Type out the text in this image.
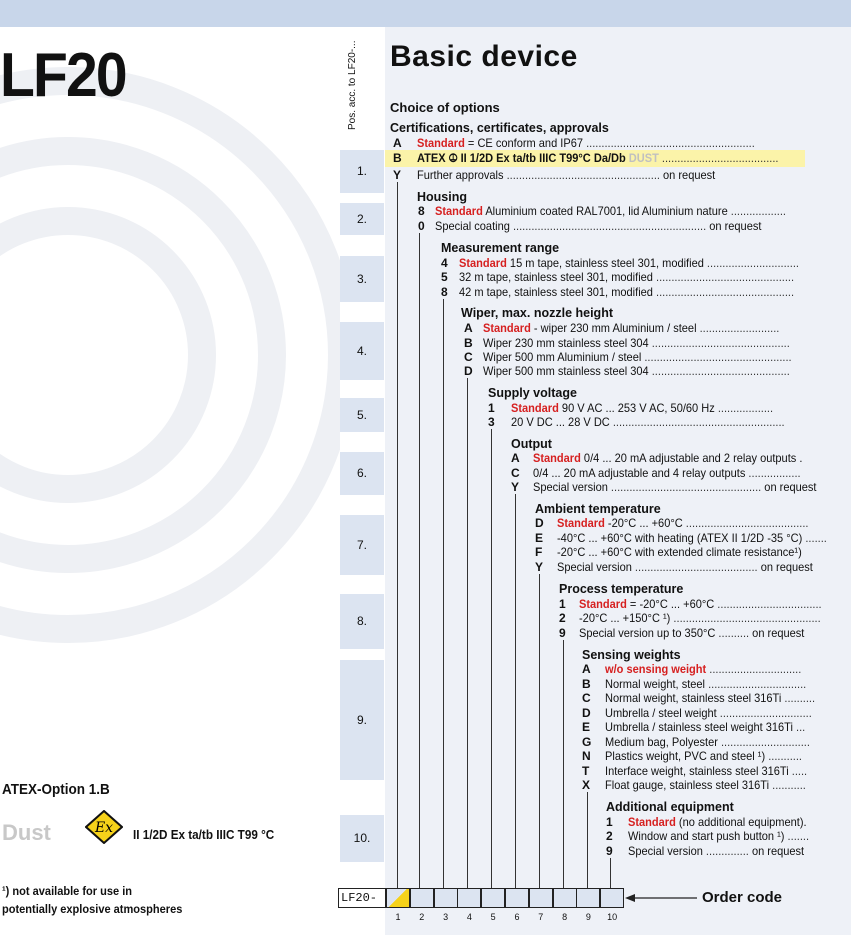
LF20	Pos. acc. to LF20-... Basic device
Choice of options
1.
Certifications, certificates, approvals
A Standard = CE conform and IP67 .......................................................
B ATEX ⦹ II 1/2D Ex ta/tb IIIC T99°C Da/Db DUST ......................................
Y Further approvals .................................................. on request
2.
Housing
8 Standard Aluminium coated RAL7001, lid Aluminium nature ..................
0 Special coating ............................................................... on request
3.
Measurement range
4 Standard 15 m tape, stainless steel 301, modified ..............................
5 32 m tape, stainless steel 301, modified .............................................
8 42 m tape, stainless steel 301, modified .............................................
4.
Wiper, max. nozzle height
A Standard - wiper 230 mm Aluminium / steel ..........................
B Wiper 230 mm stainless steel 304 .............................................
C Wiper 500 mm Aluminium / steel ................................................
D Wiper 500 mm stainless steel 304 .............................................
5.
Supply voltage
1 Standard 90 V AC ... 253 V AC, 50/60 Hz ..................
3 20 V DC ... 28 V DC ........................................................
6.
Output
A Standard 0/4 ... 20 mA adjustable and 2 relay outputs .
C 0/4 ... 20 mA adjustable and 4 relay outputs .................
Y Special version ................................................. on request
7.
Ambient temperature
D Standard -20°C ... +60°C ........................................
E -40°C ... +60°C with heating (ATEX II 1/2D -35 °C) .......
F -20°C ... +60°C with extended climate resistance¹)
Y Special version ........................................ on request
8.
Process temperature
1 Standard = -20°C ... +60°C ..................................
2 -20°C ... +150°C ¹) ................................................
9 Special version up to 350°C .......... on request
9.
Sensing weights
A w/o sensing weight ..............................
B Normal weight, steel ................................
C Normal weight, stainless steel 316Ti ..........
D Umbrella / steel weight ..............................
E Umbrella / stainless steel weight 316Ti ...
G Medium bag, Polyester .............................
N Plastics weight, PVC and steel ¹) ...........
T Interface weight, stainless steel 316Ti .....
X Float gauge, stainless steel 316Ti ...........
10.
Additional equipment
1 Standard (no additional equipment).
2 Window and start push button ¹) .......
9 Special version .............. on request
LF20-
1	2	3	4	5	6	7	8	9	10
Order code
ATEX-Option 1.B
Dust	Ex II 1/2D Ex ta/tb IIIC T99 °C
¹) not available for use in
potentially explosive atmospheres
